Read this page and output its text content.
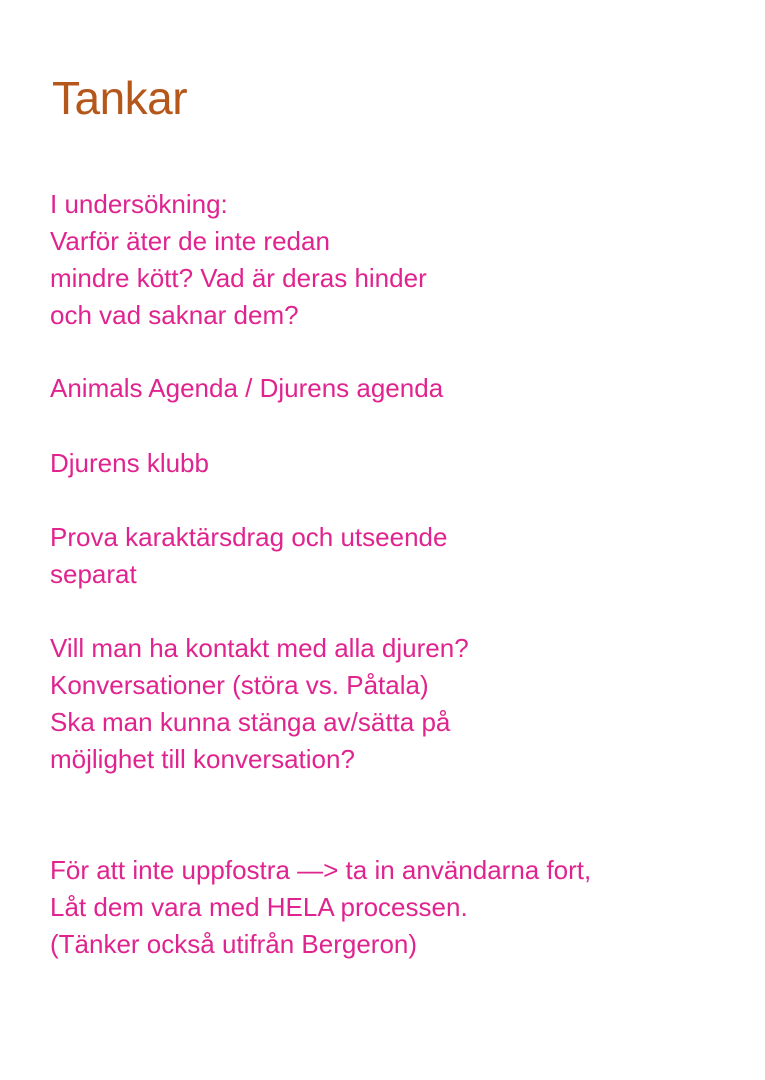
Tankar
I undersökning:
Varför äter de inte redan
mindre kött? Vad är deras hinder
och vad saknar dem?
Animals Agenda / Djurens agenda
Djurens klubb
Prova karaktärsdrag och utseende
separat
Vill man ha kontakt med alla djuren?
Konversationer (störa vs. Påtala)
Ska man kunna stänga av/sätta på
möjlighet till konversation?
För att inte uppfostra —> ta in användarna fort,
Låt dem vara med HELA processen.
(Tänker också utifrån Bergeron)
